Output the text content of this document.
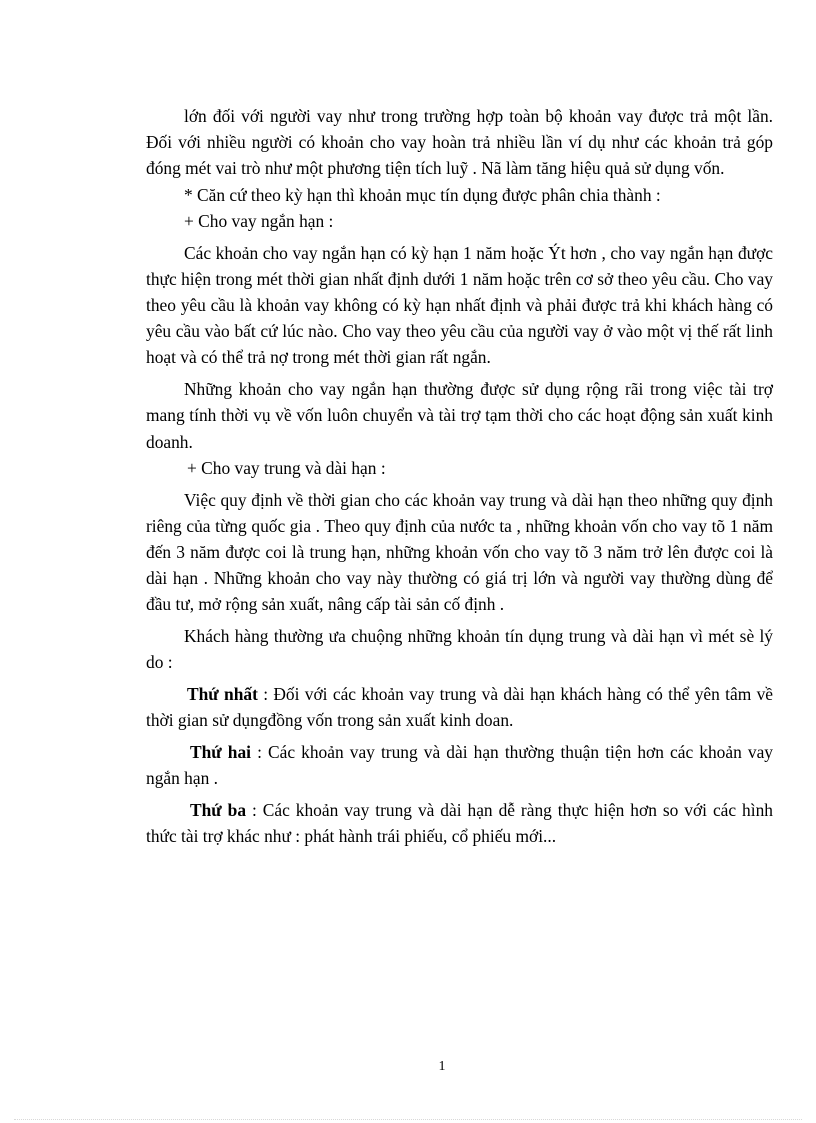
lớn đối với người vay như trong trường hợp toàn bộ khoản vay được trả một lần. Đối với nhiều người có khoản cho vay hoàn trả nhiều lần ví dụ như các khoản trả góp đóng mét vai trò như một phương tiện tích luỹ . Nã làm tăng hiệu quả sử dụng vốn.

* Căn cứ theo kỳ hạn thì khoản mục tín dụng được phân chia thành :

+ Cho vay ngắn hạn :

Các khoản cho vay ngắn hạn có kỳ hạn 1 năm hoặc Ýt hơn , cho vay ngắn hạn được thực hiện trong mét thời gian nhất định dưới 1 năm hoặc trên cơ sở theo yêu cầu. Cho vay theo yêu cầu là khoản vay không có kỳ hạn nhất định và phải được trả khi khách hàng có yêu cầu vào bất cứ lúc nào. Cho vay theo yêu cầu của người vay ở vào một vị thế rất linh hoạt và có thể trả nợ trong mét thời gian rất ngắn.

Những khoản cho vay ngắn hạn thường được sử dụng rộng rãi trong việc tài trợ mang tính thời vụ về vốn luôn chuyển và tài trợ tạm thời cho các hoạt động sản xuất kinh doanh.

+ Cho vay trung và dài hạn :

Việc quy định về thời gian cho các khoản vay trung và dài hạn theo những quy định riêng của từng quốc gia . Theo quy định của nước ta , những khoản vốn cho vay tõ 1 năm đến 3 năm được coi là trung hạn, những khoản vốn cho vay tõ 3 năm trở lên được coi là dài hạn . Những khoản cho vay này thường có giá trị lớn và người vay thường dùng để đầu tư, mở rộng sản xuất, nâng cấp tài sản cố định .

Khách hàng thường ưa chuộng những khoản tín dụng trung và dài hạn vì mét sè lý do :

Thứ nhất : Đối với các khoản vay trung và dài hạn khách hàng có thể yên tâm về thời gian sử dụngđồng vốn trong sản xuất kinh doan.

Thứ hai : Các khoản vay trung và dài hạn thường thuận tiện hơn các khoản vay ngắn hạn .

Thứ ba : Các khoản vay trung và dài hạn dễ ràng thực hiện hơn so với các hình thức tài trợ khác như : phát hành trái phiếu, cổ phiếu mới...

1
